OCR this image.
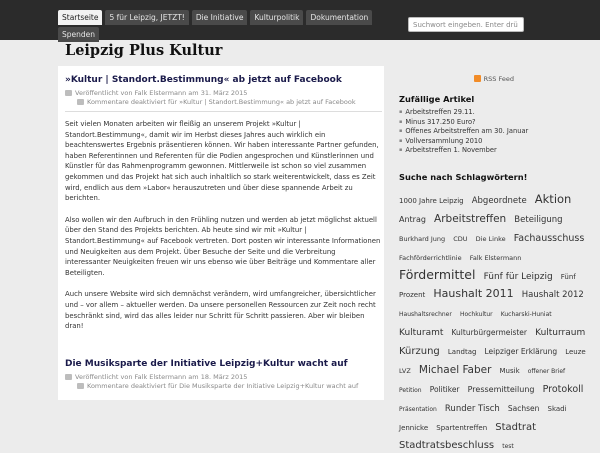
Startseite	5 für Leipzig, JETZT!	Die Initiative	Kulturpolitik	Dokumentation
Spenden
Suchwort eingeben. Enter drü
Leipzig Plus Kultur
»Kultur | Standort.Bestimmung« ab jetzt auf Facebook
Veröffentlicht von Falk Elstermann am 31. März 2015
Kommentare deaktiviert für »Kultur | Standort.Bestimmung« ab jetzt auf Facebook

Seit vielen Monaten arbeiten wir fleißig an unserem Projekt »Kultur | Standort.Bestimmung«, damit wir im Herbst dieses Jahres auch wirklich ein beachtenswertes Ergebnis präsentieren können. Wir haben interessante Partner gefunden, haben Referentinnen und Referenten für die Podien angesprochen und Künstlerinnen und Künstler für das Rahmenprogramm gewonnen. Mittlerweile ist schon so viel zusammen gekommen und das Projekt hat sich auch inhaltlich so stark weiterentwickelt, dass es Zeit wird, endlich aus dem »Labor« herauszutreten und über diese spannende Arbeit zu berichten.

Also wollen wir den Aufbruch in den Frühling nutzen und werden ab jetzt möglichst aktuell über den Stand des Projekts berichten. Ab heute sind wir mit »Kultur | Standort.Bestimmung« auf Facebook vertreten. Dort posten wir interessante Informationen und Neuigkeiten aus dem Projekt. Über Besuche der Seite und die Verbreitung interessanter Neuigkeiten freuen wir uns ebenso wie über Beiträge und Kommentare aller Beteiligten.

Auch unsere Website wird sich demnächst verändern, wird umfangreicher, übersichtlicher und – vor allem – aktueller werden. Da unsere personellen Ressourcen zur Zeit noch recht beschränkt sind, wird das alles leider nur Schritt für Schritt passieren. Aber wir bleiben dran!

Die Musiksparte der Initiative Leipzig+Kultur wacht auf
Veröffentlicht von Falk Elstermann am 18. März 2015
Kommentare deaktiviert für Die Musiksparte der Initiative Leipzig+Kultur wacht auf
RSS Feed
Zufällige Artikel
▪ Arbeitstreffen 29.11.
▪ Minus 317.250 Euro?
▪ Offenes Arbeitstreffen am 30. Januar
▪ Vollversammlung 2010
▪ Arbeitstreffen 1. November
Suche nach Schlagwörtern!
1000 Jahre Leipzig Abgeordnete Aktion Antrag Arbeitstreffen Beteiligung Burkhard Jung CDU Die Linke Fachausschuss Fachförderrichtlinie Falk Elstermann Fördermittel Fünf für Leipzig Fünf Prozent Haushalt 2011 Haushalt 2012 Haushaltsrechner Hochkultur Kucharski-Huniat Kulturamt Kulturbürgermeister Kulturraum Kürzung Landtag Leipziger Erklärung Leuze LVZ Michael Faber Musik offener Brief Petition Politiker Pressemitteilung Protokoll Präsentation Runder Tisch Sachsen Skadi Jennicke Spartentreffen Stadtrat Stadtratsbeschluss test
